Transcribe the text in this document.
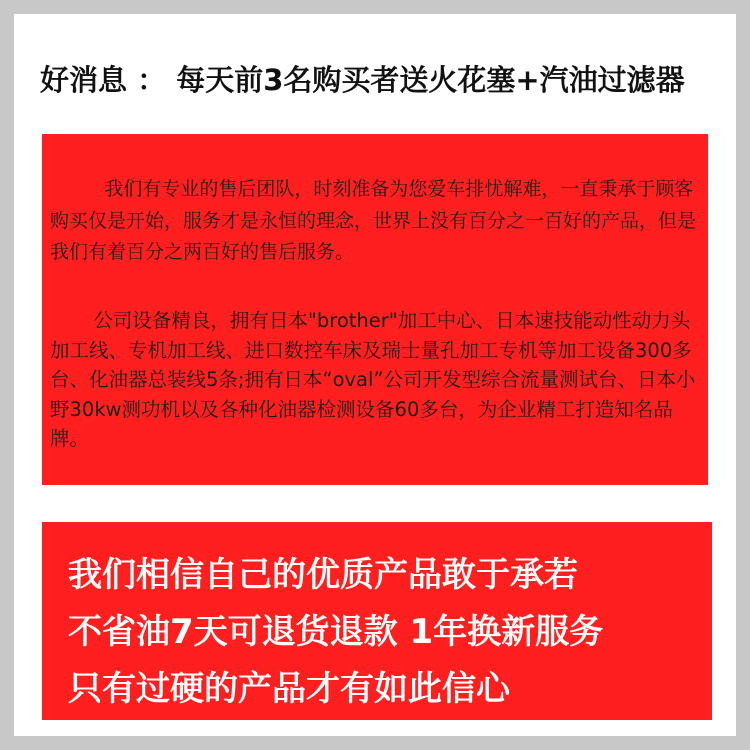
好消息 ： 每天前3名购买者送火花塞+汽油过滤器

我们有专业的售后团队，时刻准备为您爱车排忧解难，一直秉承于顾客购买仅是开始，服务才是永恒的理念，世界上没有百分之一百好的产品，但是我们有着百分之两百好的售后服务。

公司设备精良，拥有日本"brother"加工中心、日本速技能动性动力头加工线、专机加工线、进口数控车床及瑞士量孔加工专机等加工设备300多台、化油器总装线5条;拥有日本“oval”公司开发型综合流量测试台、日本小野30kw测功机以及各种化油器检测设备60多台，为企业精工打造知名品牌。

我们相信自己的优质产品敢于承若
不省油7天可退货退款 1年换新服务
只有过硬的产品才有如此信心
